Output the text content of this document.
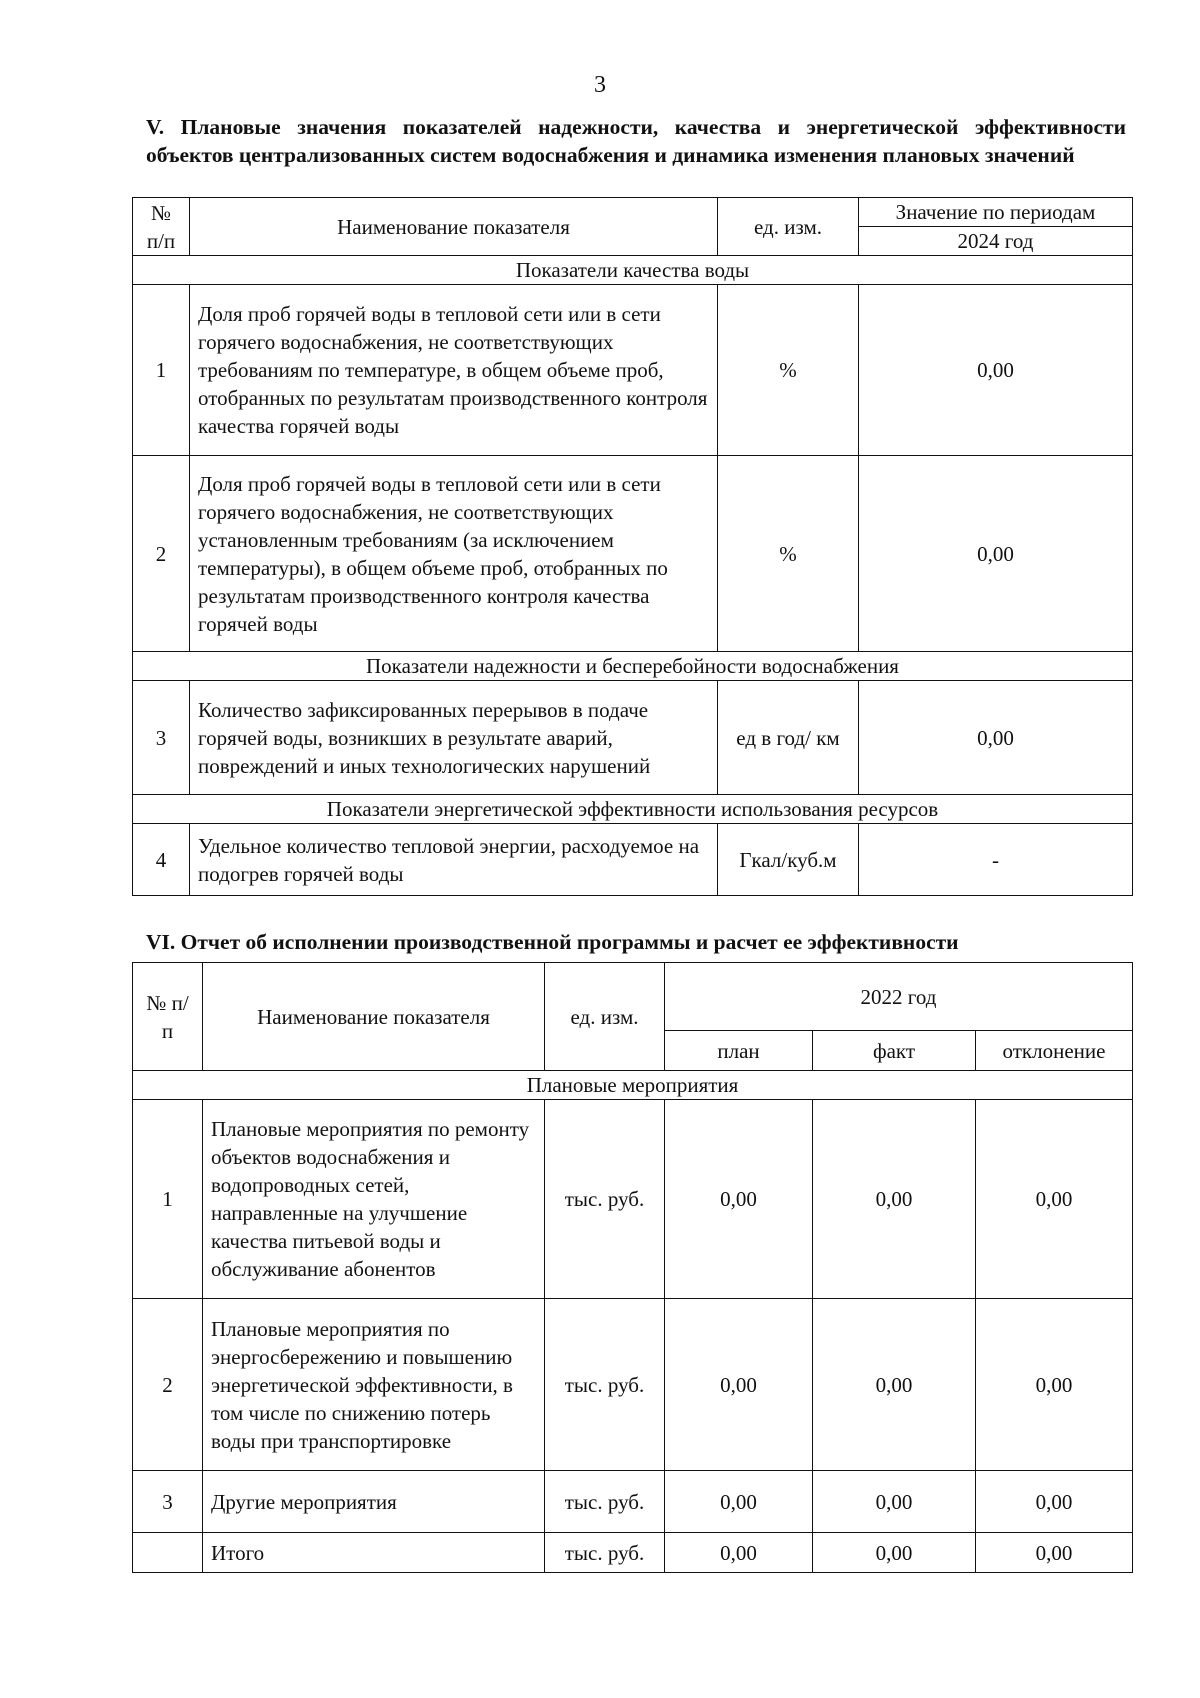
3
V. Плановые значения показателей надежности, качества и энергетической эффективности объектов централизованных систем водоснабжения и динамика изменения плановых значений
№ п/п	Наименование показателя	ед. изм.	Значение по периодам
			2024 год
Показатели качества воды			
1	Доля проб горячей воды в тепловой сети или в сети горячего водоснабжения, не соответствующих требованиям по температуре, в общем объеме проб, отобранных по результатам производственного контроля качества горячей воды	%	0,00
2	Доля проб горячей воды в тепловой сети или в сети горячего водоснабжения, не соответствующих установленным требованиям (за исключением температуры), в общем объеме проб, отобранных по результатам производственного контроля качества горячей воды	%	0,00
Показатели надежности и бесперебойности водоснабжения			
3	Количество зафиксированных перерывов в подаче горячей воды, возникших в результате аварий, повреждений и иных технологических нарушений	ед в год/ км	0,00
Показатели энергетической эффективности использования ресурсов			
4	Удельное количество тепловой энергии, расходуемое на подогрев горячей воды	Гкал/куб.м	-
VI. Отчет об исполнении производственной программы и расчет ее эффективности
№ п/п	Наименование показателя	ед. изм.	2022 год		
			план	факт	отклонение
Плановые мероприятия					
1	Плановые мероприятия по ремонту объектов водоснабжения и водопроводных сетей, направленные на улучшение качества питьевой воды и обслуживание абонентов	тыс. руб.	0,00	0,00	0,00
2	Плановые мероприятия по энергосбережению и повышению энергетической эффективности, в том числе по снижению потерь воды при транспортировке	тыс. руб.	0,00	0,00	0,00
3	Другие мероприятия	тыс. руб.	0,00	0,00	0,00
	Итого	тыс. руб.	0,00	0,00	0,00
